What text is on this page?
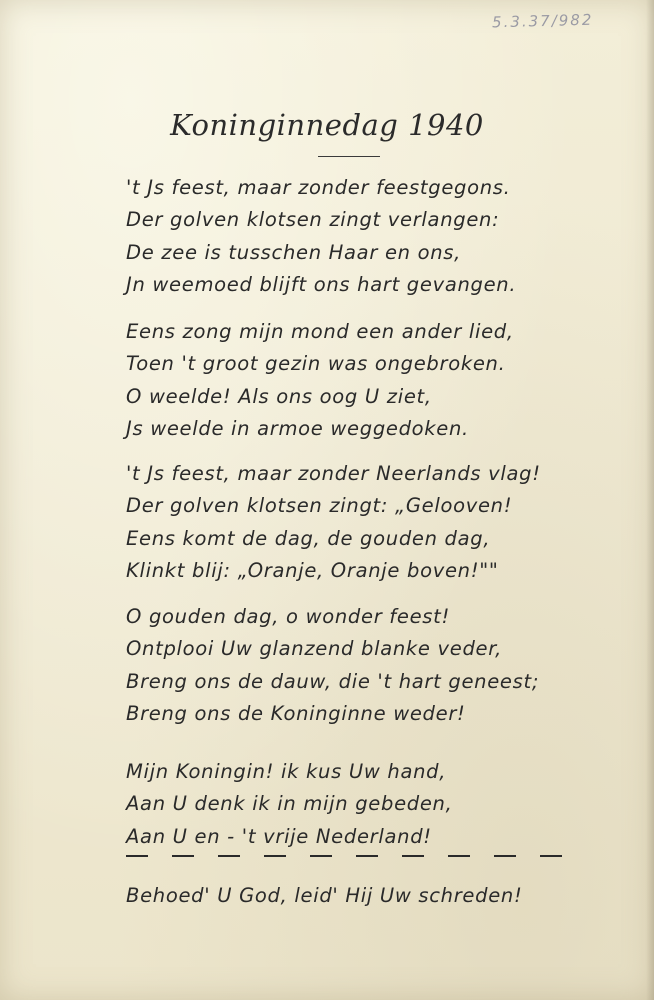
5.3.37/982
Koninginnedag 1940
't Js feest, maar zonder feestgegons.
Der golven klotsen zingt verlangen:
De zee is tusschen Haar en ons,
Jn weemoed blijft ons hart gevangen.
Eens zong mijn mond een ander lied,
Toen 't groot gezin was ongebroken.
O weelde! Als ons oog U ziet,
Js weelde in armoe weggedoken.
't Js feest, maar zonder Neerlands vlag!
Der golven klotsen zingt: „Gelooven!
Eens komt de dag, de gouden dag,
Klinkt blij: „Oranje, Oranje boven!""
O gouden dag, o wonder feest!
Ontplooi Uw glanzend blanke veder,
Breng ons de dauw, die 't hart geneest;
Breng ons de Koninginne weder!
Mijn Koningin! ik kus Uw hand,
Aan U denk ik in mijn gebeden,
Aan U en - 't vrije Nederland!
Behoed' U God, leid' Hij Uw schreden!
